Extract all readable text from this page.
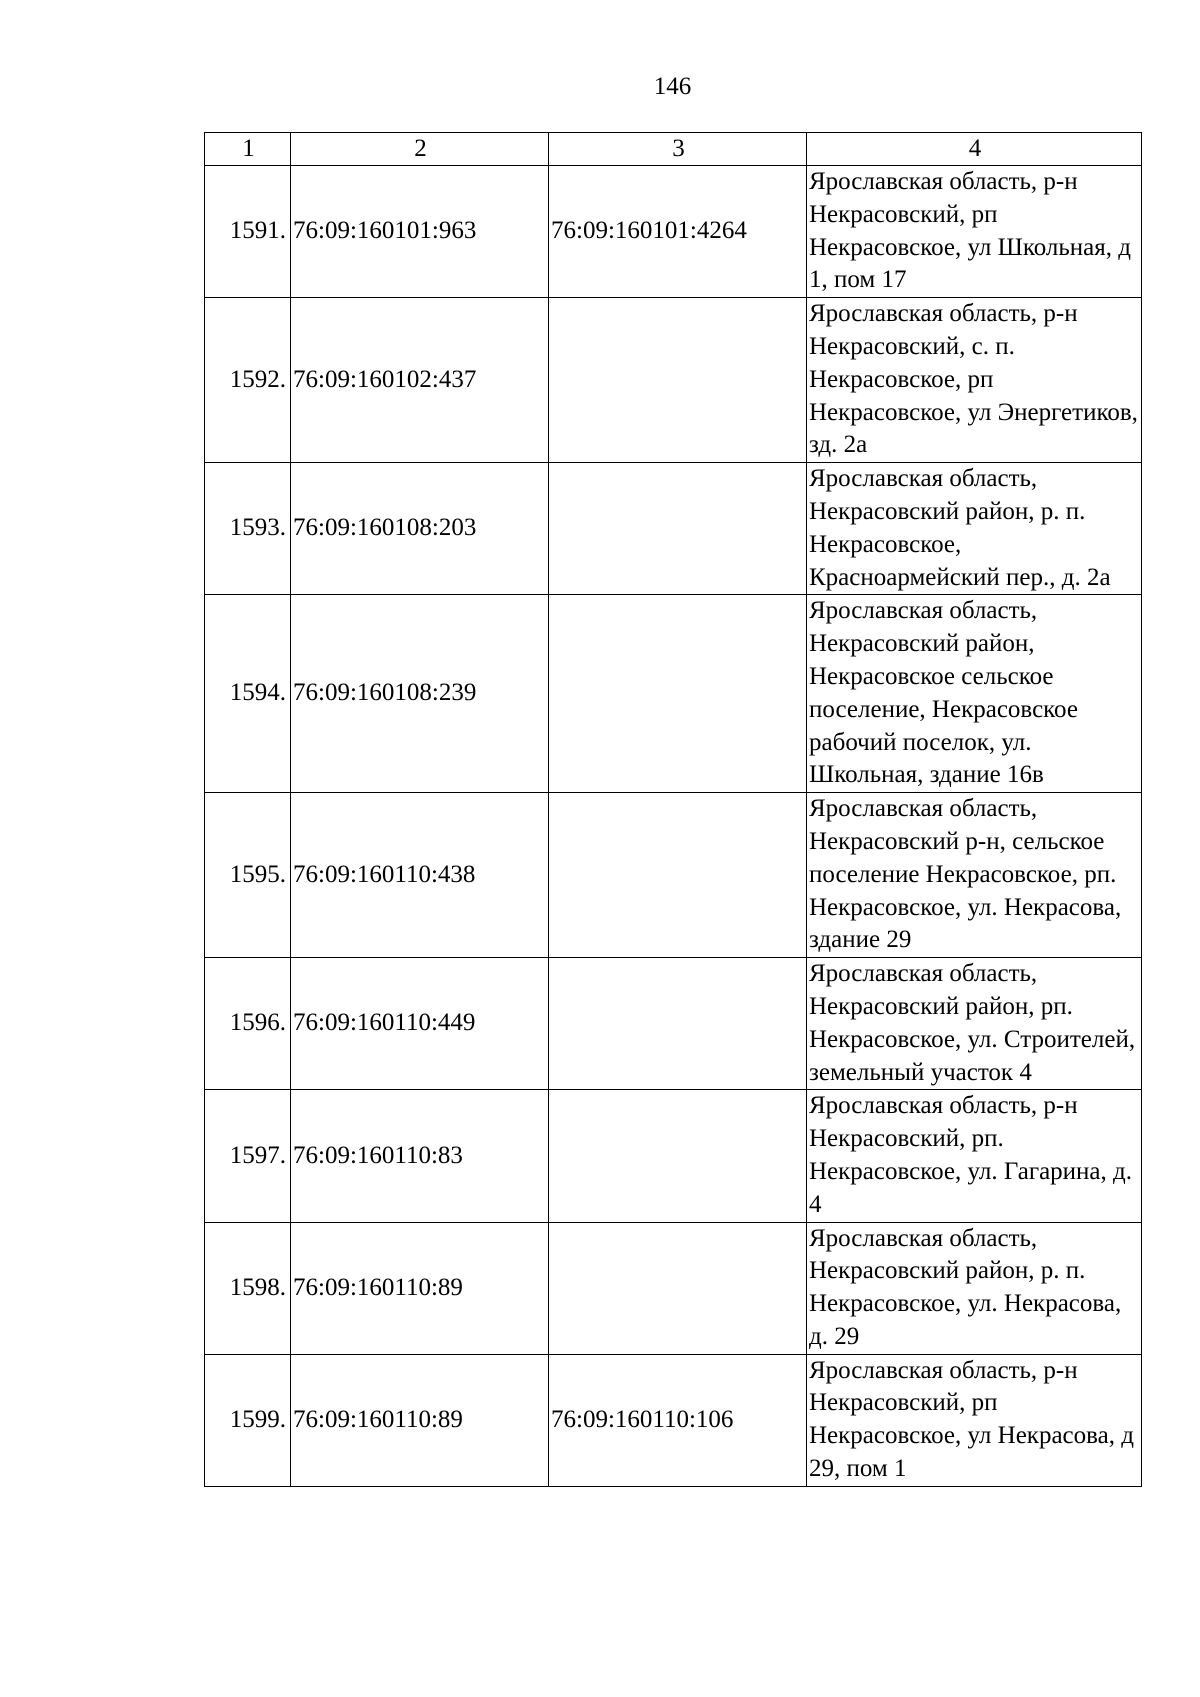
146
1	2	3	4
1591.	76:09:160101:963	76:09:160101:4264	Ярославская область, р-н Некрасовский, рп Некрасовское, ул Школьная, д 1, пом 17
1592.	76:09:160102:437		Ярославская область, р-н Некрасовский, с. п. Некрасовское, рп Некрасовское, ул Энергетиков, зд. 2а
1593.	76:09:160108:203		Ярославская область, Некрасовский район, р. п. Некрасовское, Красноармейский пер., д. 2а
1594.	76:09:160108:239		Ярославская область, Некрасовский район, Некрасовское сельское поселение, Некрасовское рабочий поселок, ул. Школьная, здание 16в
1595.	76:09:160110:438		Ярославская область, Некрасовский р-н, сельское поселение Некрасовское, рп. Некрасовское, ул. Некрасова, здание 29
1596.	76:09:160110:449		Ярославская область, Некрасовский район, рп. Некрасовское, ул. Строителей, земельный участок 4
1597.	76:09:160110:83		Ярославская область, р-н Некрасовский, рп. Некрасовское, ул. Гагарина, д. 4
1598.	76:09:160110:89		Ярославская область, Некрасовский район, р. п. Некрасовское, ул. Некрасова, д. 29
1599.	76:09:160110:89	76:09:160110:106	Ярославская область, р-н Некрасовский, рп Некрасовское, ул Некрасова, д 29, пом 1
